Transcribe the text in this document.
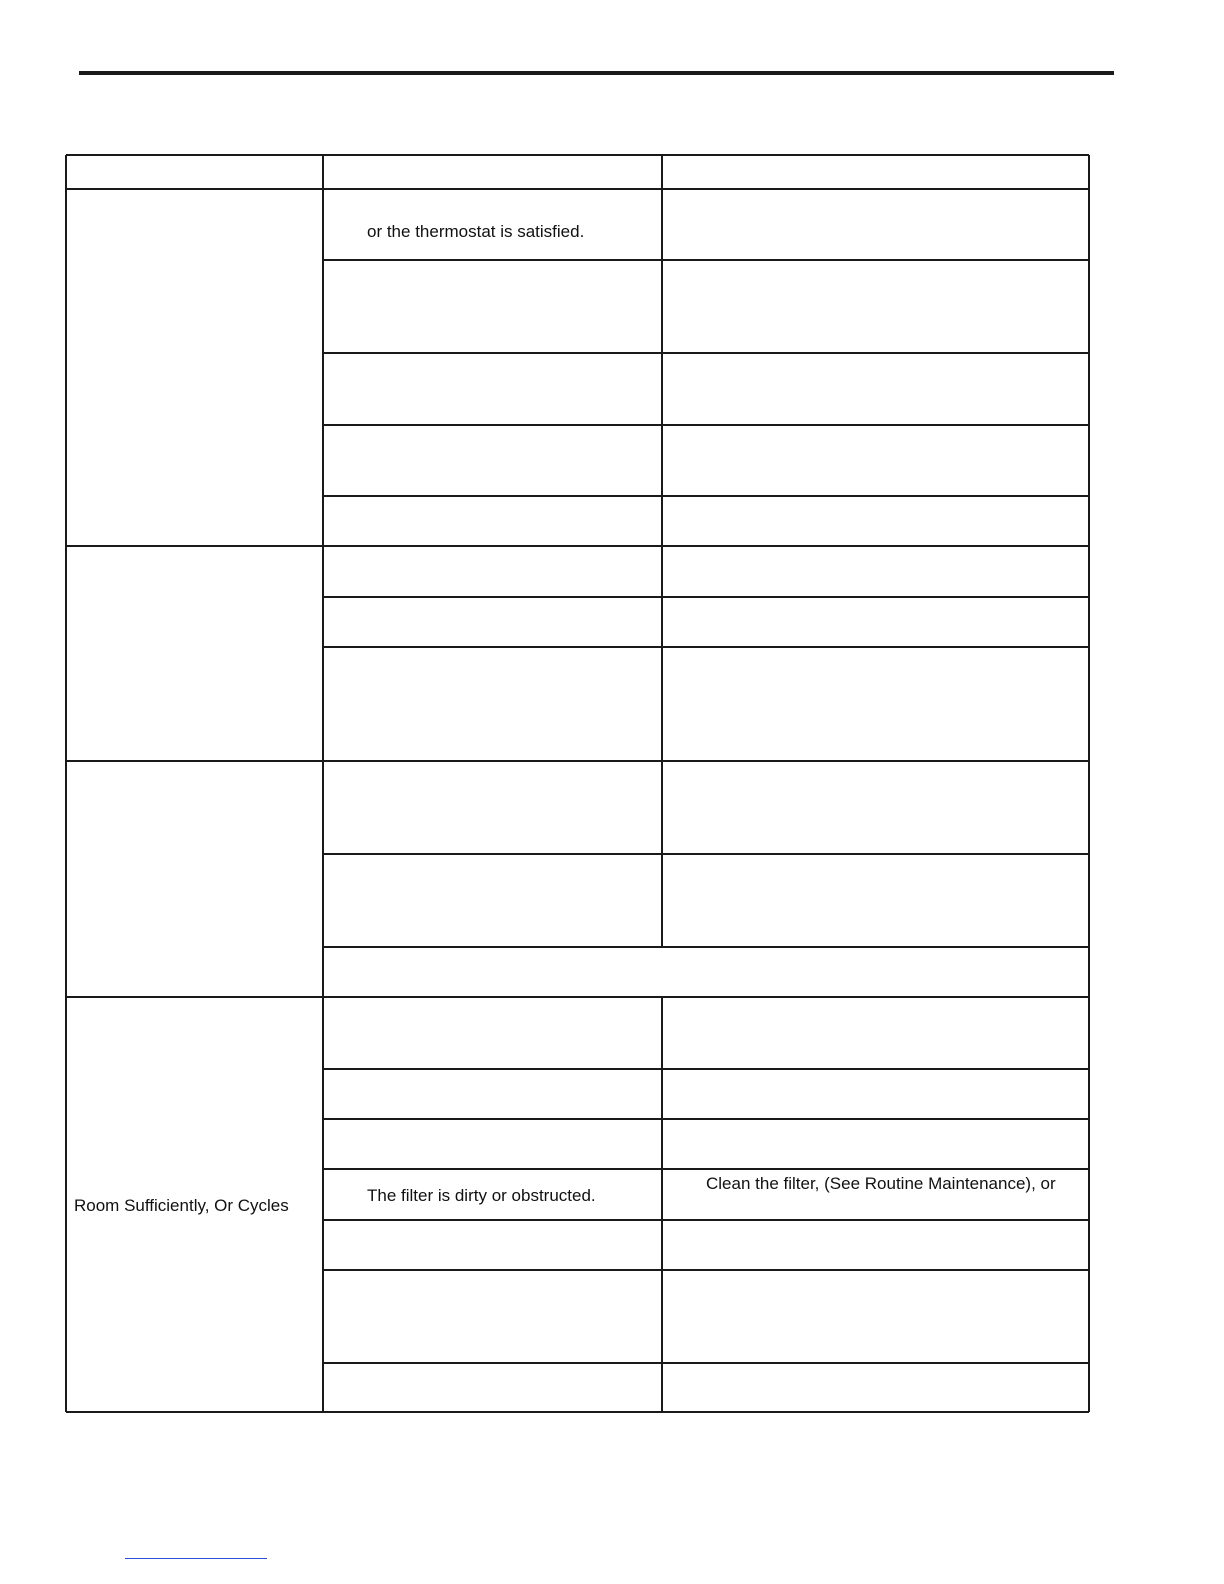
or the thermostat is satisfied.
Room Sufficiently, Or Cycles
The filter is dirty or obstructed.
Clean the filter, (See Routine Maintenance), or
